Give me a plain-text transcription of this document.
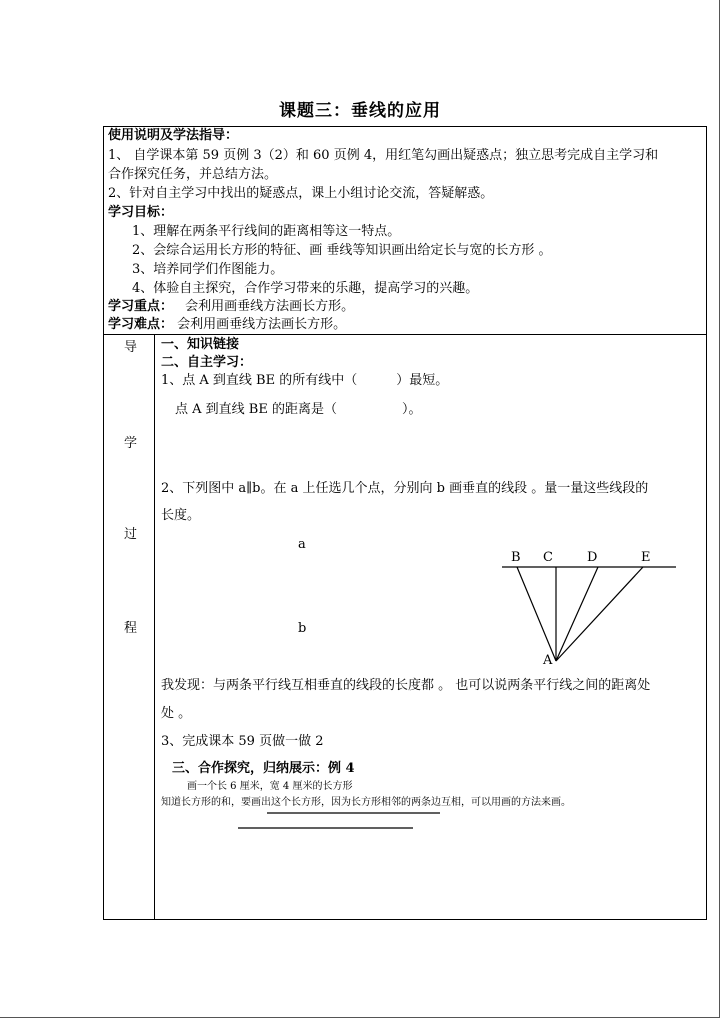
课题三：垂线的应用
使用说明及学法指导：
1、 自学课本第 59 页例 3（2）和 60 页例 4，用红笔勾画出疑惑点；独立思考完成自主学习和
合作探究任务，并总结方法。
2、针对自主学习中找出的疑惑点，课上小组讨论交流，答疑解惑。
学习目标：
1、理解在两条平行线间的距离相等这一特点。
2、会综合运用长方形的特征、画 垂线等知识画出给定长与宽的长方形 。
3、培养同学们作图能力。
4、体验自主探究，合作学习带来的乐趣，提高学习的兴趣。
学习重点： 会利用画垂线方法画长方形。
学习难点： 会利用画垂线方法画长方形。
导
学
过
程
一、知识链接
二、自主学习：
1、点 A 到直线 BE 的所有线中（　　　）最短。
点 A 到直线 BE 的距离是（　　　　　）。
2、下列图中 a∥b。在 a 上任选几个点，分别向 b 画垂直的线段 。量一量这些线段的
长度。
a
b
B C	D	E
A
我发现：与两条平行线互相垂直的线段的长度都 。 也可以说两条平行线之间的距离处
处 。
3、完成课本 59 页做一做 2
三、合作探究，归纳展示：例 4
画一个长 6 厘米，宽 4 厘米的长方形
知道长方形的和，要画出这个长方形，因为长方形相邻的两条边互相，可以用画的方法来画。
